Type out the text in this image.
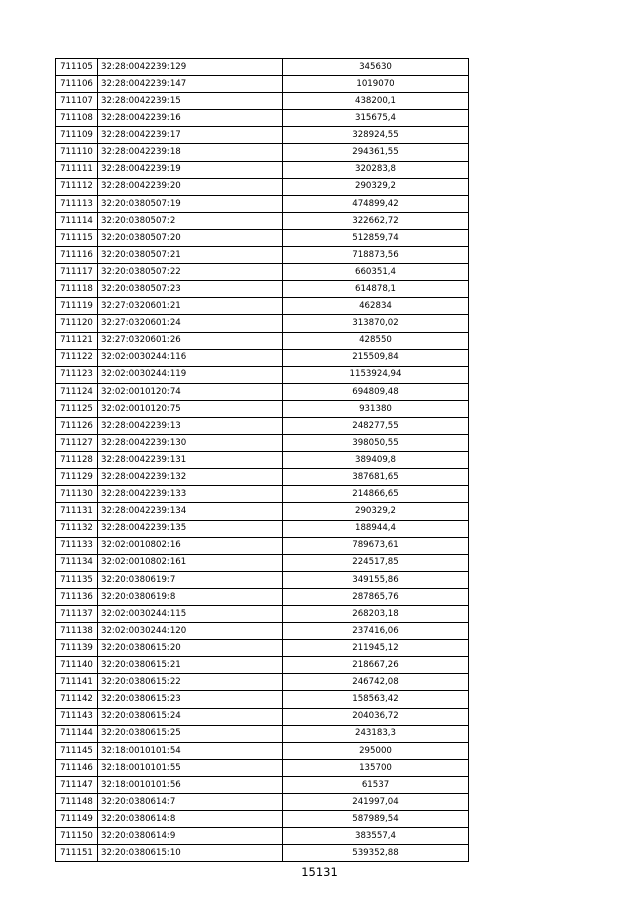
711105	32:28:0042239:129	345630
711106	32:28:0042239:147	1019070
711107	32:28:0042239:15	438200,1
711108	32:28:0042239:16	315675,4
711109	32:28:0042239:17	328924,55
711110	32:28:0042239:18	294361,55
711111	32:28:0042239:19	320283,8
711112	32:28:0042239:20	290329,2
711113	32:20:0380507:19	474899,42
711114	32:20:0380507:2	322662,72
711115	32:20:0380507:20	512859,74
711116	32:20:0380507:21	718873,56
711117	32:20:0380507:22	660351,4
711118	32:20:0380507:23	614878,1
711119	32:27:0320601:21	462834
711120	32:27:0320601:24	313870,02
711121	32:27:0320601:26	428550
711122	32:02:0030244:116	215509,84
711123	32:02:0030244:119	1153924,94
711124	32:02:0010120:74	694809,48
711125	32:02:0010120:75	931380
711126	32:28:0042239:13	248277,55
711127	32:28:0042239:130	398050,55
711128	32:28:0042239:131	389409,8
711129	32:28:0042239:132	387681,65
711130	32:28:0042239:133	214866,65
711131	32:28:0042239:134	290329,2
711132	32:28:0042239:135	188944,4
711133	32:02:0010802:16	789673,61
711134	32:02:0010802:161	224517,85
711135	32:20:0380619:7	349155,86
711136	32:20:0380619:8	287865,76
711137	32:02:0030244:115	268203,18
711138	32:02:0030244:120	237416,06
711139	32:20:0380615:20	211945,12
711140	32:20:0380615:21	218667,26
711141	32:20:0380615:22	246742,08
711142	32:20:0380615:23	158563,42
711143	32:20:0380615:24	204036,72
711144	32:20:0380615:25	243183,3
711145	32:18:0010101:54	295000
711146	32:18:0010101:55	135700
711147	32:18:0010101:56	61537
711148	32:20:0380614:7	241997,04
711149	32:20:0380614:8	587989,54
711150	32:20:0380614:9	383557,4
711151	32:20:0380615:10	539352,88
15131
